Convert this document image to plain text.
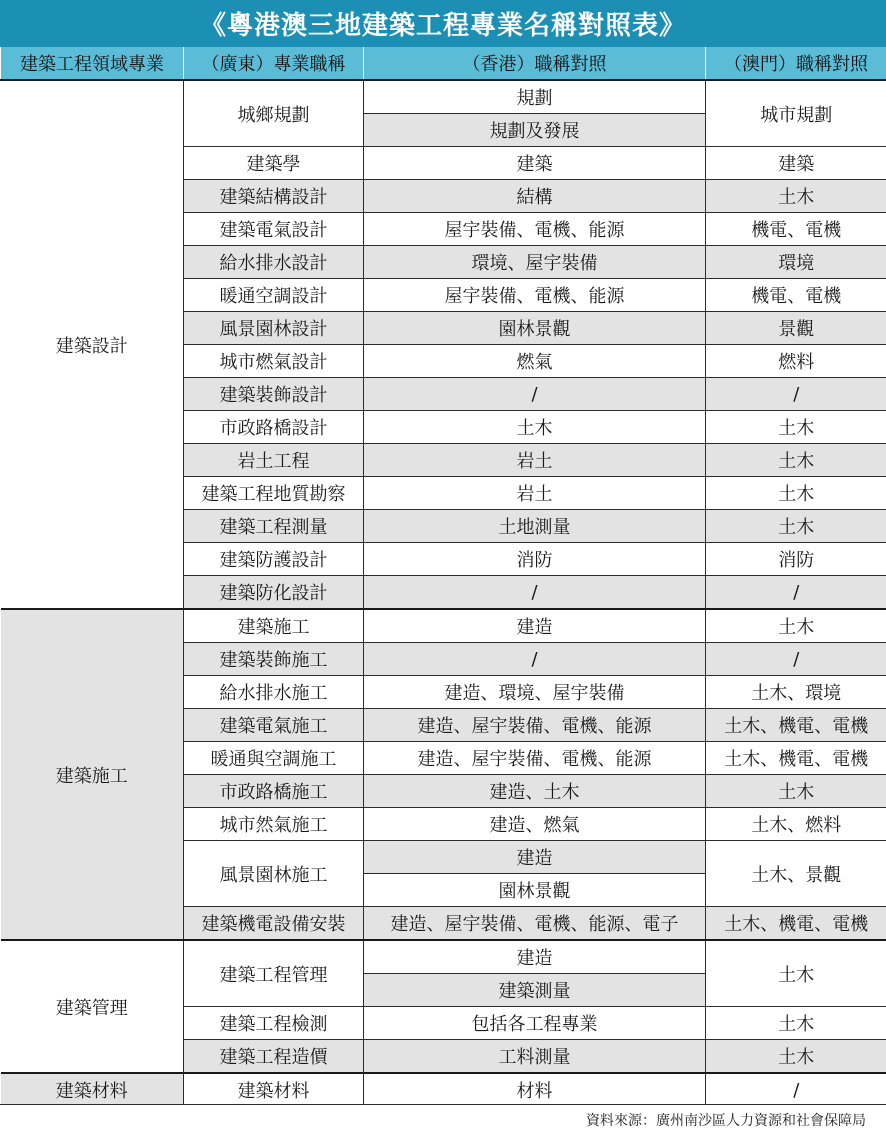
《粵港澳三地建築工程專業名稱對照表》
建築工程領域專業	（廣東）專業職稱	（香港）職稱對照	（澳門）職稱對照
建築設計	城鄉規劃	規劃	城市規劃
		規劃及發展	
	建築學	建築	建築
	建築結構設計	結構	土木
	建築電氣設計	屋宇裝備、電機、能源	機電、電機
	給水排水設計	環境、屋宇裝備	環境
	暖通空調設計	屋宇裝備、電機、能源	機電、電機
	風景園林設計	園林景觀	景觀
	城市燃氣設計	燃氣	燃料
	建築裝飾設計	/	/
	市政路橋設計	土木	土木
	岩土工程	岩土	土木
	建築工程地質勘察	岩土	土木
	建築工程測量	土地測量	土木
	建築防護設計	消防	消防
	建築防化設計	/	/
建築施工	建築施工	建造	土木
	建築裝飾施工	/	/
	給水排水施工	建造、環境、屋宇裝備	土木、環境
	建築電氣施工	建造、屋宇裝備、電機、能源	土木、機電、電機
	暖通與空調施工	建造、屋宇裝備、電機、能源	土木、機電、電機
	市政路橋施工	建造、土木	土木
	城市然氣施工	建造、燃氣	土木、燃料
	風景園林施工	建造	土木、景觀
		園林景觀	
	建築機電設備安裝	建造、屋宇裝備、電機、能源、電子	土木、機電、電機
建築管理	建築工程管理	建造	土木
		建築測量	
	建築工程檢測	包括各工程專業	土木
	建築工程造價	工料測量	土木
建築材料	建築材料	材料	/
資料來源：廣州南沙區人力資源和社會保障局
